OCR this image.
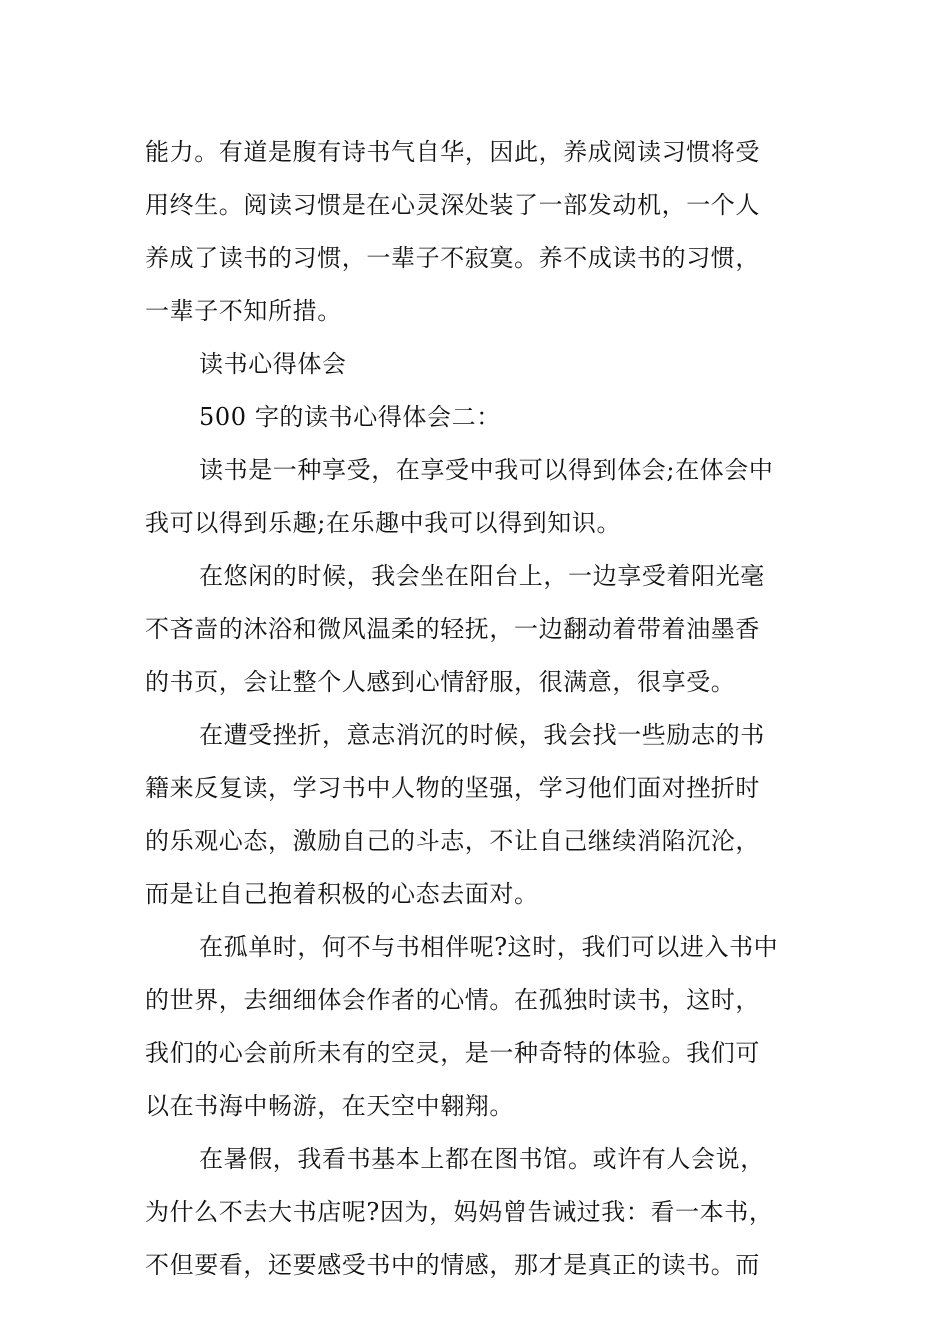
能力。有道是腹有诗书气自华，因此，养成阅读习惯将受
用终生。阅读习惯是在心灵深处装了一部发动机，一个人
养成了读书的习惯，一辈子不寂寞。养不成读书的习惯，
一辈子不知所措。
读书心得体会
500 字的读书心得体会二：
读书是一种享受，在享受中我可以得到体会;在体会中
我可以得到乐趣;在乐趣中我可以得到知识。
在悠闲的时候，我会坐在阳台上，一边享受着阳光毫
不吝啬的沐浴和微风温柔的轻抚，一边翻动着带着油墨香
的书页，会让整个人感到心情舒服，很满意，很享受。
在遭受挫折，意志消沉的时候，我会找一些励志的书
籍来反复读，学习书中人物的坚强，学习他们面对挫折时
的乐观心态，激励自己的斗志，不让自己继续消陷沉沦，
而是让自己抱着积极的心态去面对。
在孤单时，何不与书相伴呢?这时，我们可以进入书中
的世界，去细细体会作者的心情。在孤独时读书，这时，
我们的心会前所未有的空灵，是一种奇特的体验。我们可
以在书海中畅游，在天空中翱翔。
在暑假，我看书基本上都在图书馆。或许有人会说，
为什么不去大书店呢?因为，妈妈曾告诫过我：看一本书，
不但要看，还要感受书中的情感，那才是真正的读书。而
